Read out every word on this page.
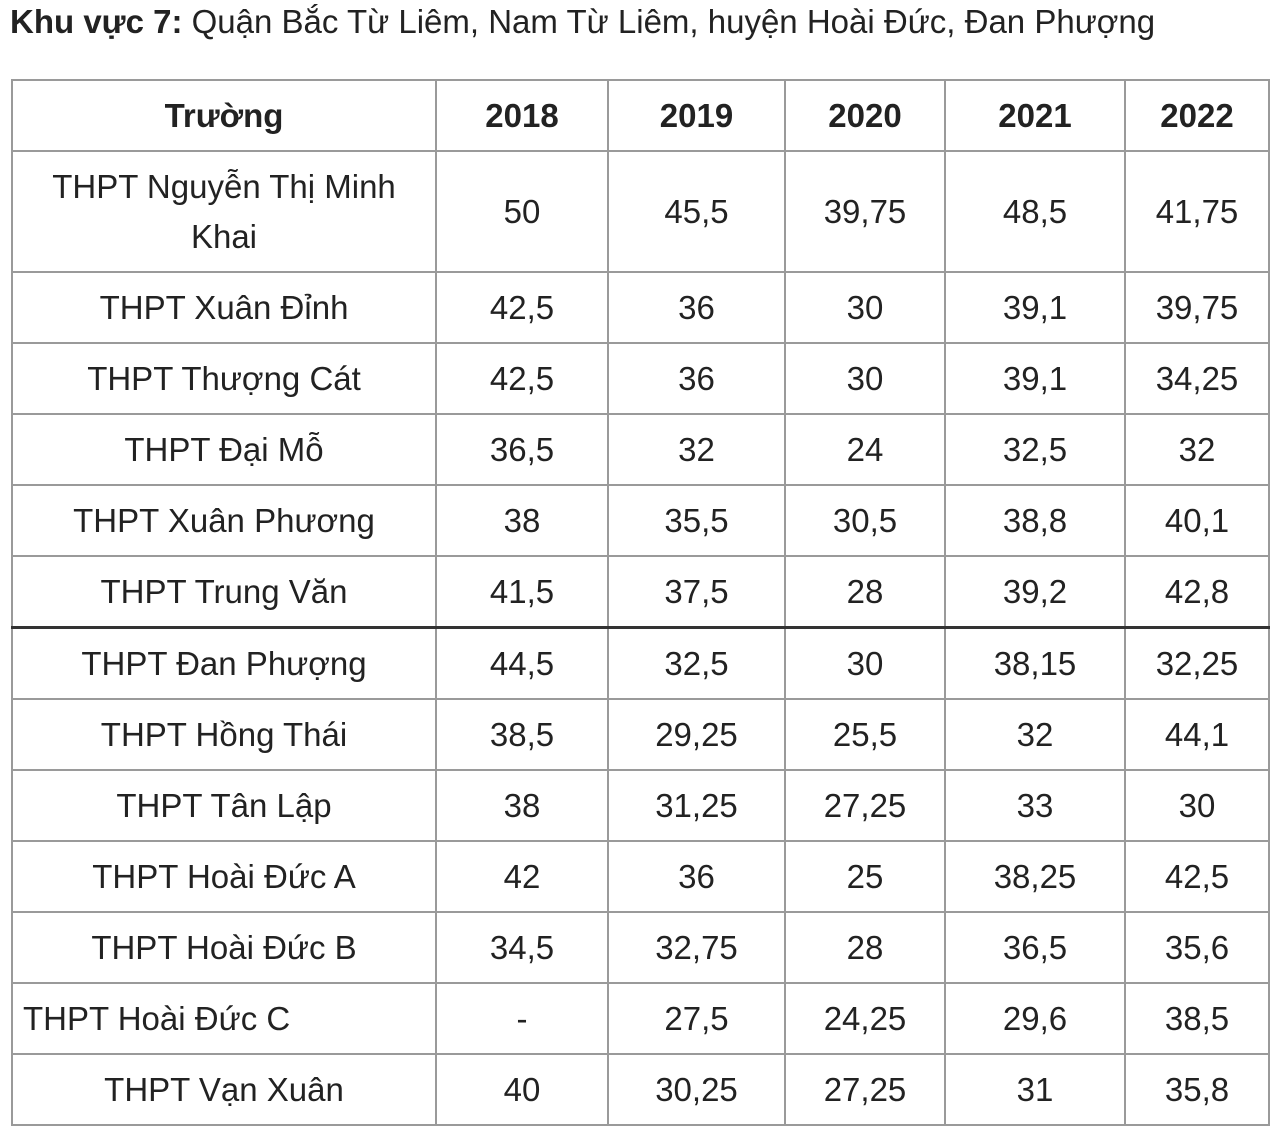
Khu vực 7: Quận Bắc Từ Liêm, Nam Từ Liêm, huyện Hoài Đức, Đan Phượng
Trường	2018	2019	2020	2021	2022
THPT Nguyễn Thị Minh Khai	50	45,5	39,75	48,5	41,75
THPT Xuân Đỉnh	42,5	36	30	39,1	39,75
THPT Thượng Cát	42,5	36	30	39,1	34,25
THPT Đại Mỗ	36,5	32	24	32,5	32
THPT Xuân Phương	38	35,5	30,5	38,8	40,1
THPT Trung Văn	41,5	37,5	28	39,2	42,8
THPT Đan Phượng	44,5	32,5	30	38,15	32,25
THPT Hồng Thái	38,5	29,25	25,5	32	44,1
THPT Tân Lập	38	31,25	27,25	33	30
THPT Hoài Đức A	42	36	25	38,25	42,5
THPT Hoài Đức B	34,5	32,75	28	36,5	35,6
THPT Hoài Đức C	-	27,5	24,25	29,6	38,5
THPT Vạn Xuân	40	30,25	27,25	31	35,8
